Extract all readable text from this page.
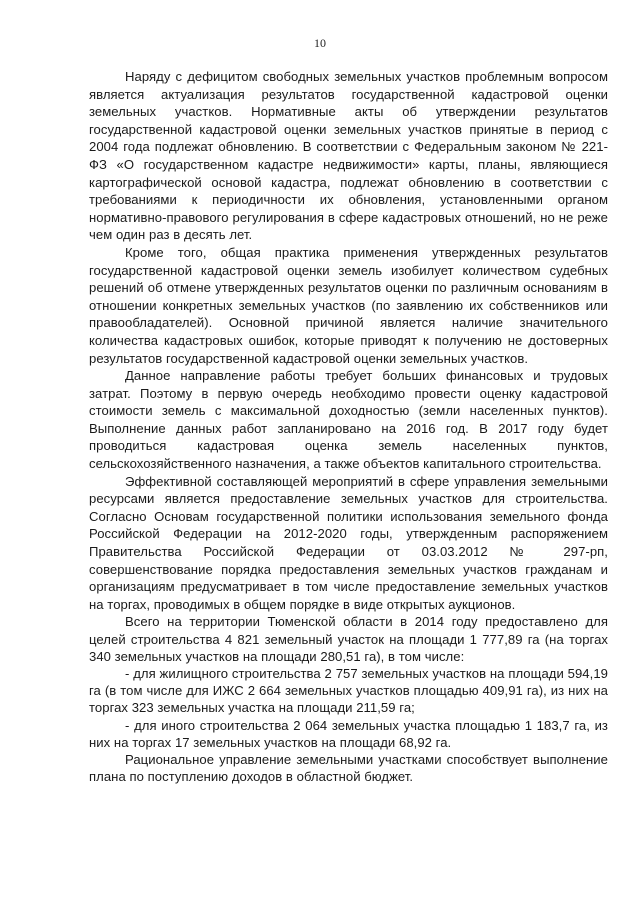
10

Наряду с дефицитом свободных земельных участков проблемным вопросом является актуализация результатов государственной кадастровой оценки земельных участков. Нормативные акты об утверждении результатов государственной кадастровой оценки земельных участков принятые в период с 2004 года подлежат обновлению. В соответствии с Федеральным законом № 221-ФЗ «О государственном кадастре недвижимости» карты, планы, являющиеся картографической основой кадастра, подлежат обновлению в соответствии с требованиями к периодичности их обновления, установленными органом нормативно-правового регулирования в сфере кадастровых отношений, но не реже чем один раз в десять лет.

Кроме того, общая практика применения утвержденных результатов государственной кадастровой оценки земель изобилует количеством судебных решений об отмене утвержденных результатов оценки по различным основаниям в отношении конкретных земельных участков (по заявлению их собственников или правообладателей). Основной причиной является наличие значительного количества кадастровых ошибок, которые приводят к получению не достоверных результатов государственной кадастровой оценки земельных участков.

Данное направление работы требует больших финансовых и трудовых затрат. Поэтому в первую очередь необходимо провести оценку кадастровой стоимости земель с максимальной доходностью (земли населенных пунктов). Выполнение данных работ запланировано на 2016 год. В 2017 году будет проводиться кадастровая оценка земель населенных пунктов, сельскохозяйственного назначения, а также объектов капитального строительства.

Эффективной составляющей мероприятий в сфере управления земельными ресурсами является предоставление земельных участков для строительства. Согласно Основам государственной политики использования земельного фонда Российской Федерации на 2012-2020 годы, утвержденным распоряжением Правительства Российской Федерации от 03.03.2012 № 297-рп, совершенствование порядка предоставления земельных участков гражданам и организациям предусматривает в том числе предоставление земельных участков на торгах, проводимых в общем порядке в виде открытых аукционов.

Всего на территории Тюменской области в 2014 году предоставлено для целей строительства 4 821 земельный участок на площади 1 777,89 га (на торгах 340 земельных участков на площади 280,51 га), в том числе:

- для жилищного строительства 2 757 земельных участков на площади 594,19 га (в том числе для ИЖС 2 664 земельных участков площадью 409,91 га), из них на торгах 323 земельных участка на площади 211,59 га;

- для иного строительства 2 064 земельных участка площадью 1 183,7 га, из них на торгах 17 земельных участков на площади 68,92 га.

Рациональное управление земельными участками способствует выполнение плана по поступлению доходов в областной бюджет.
